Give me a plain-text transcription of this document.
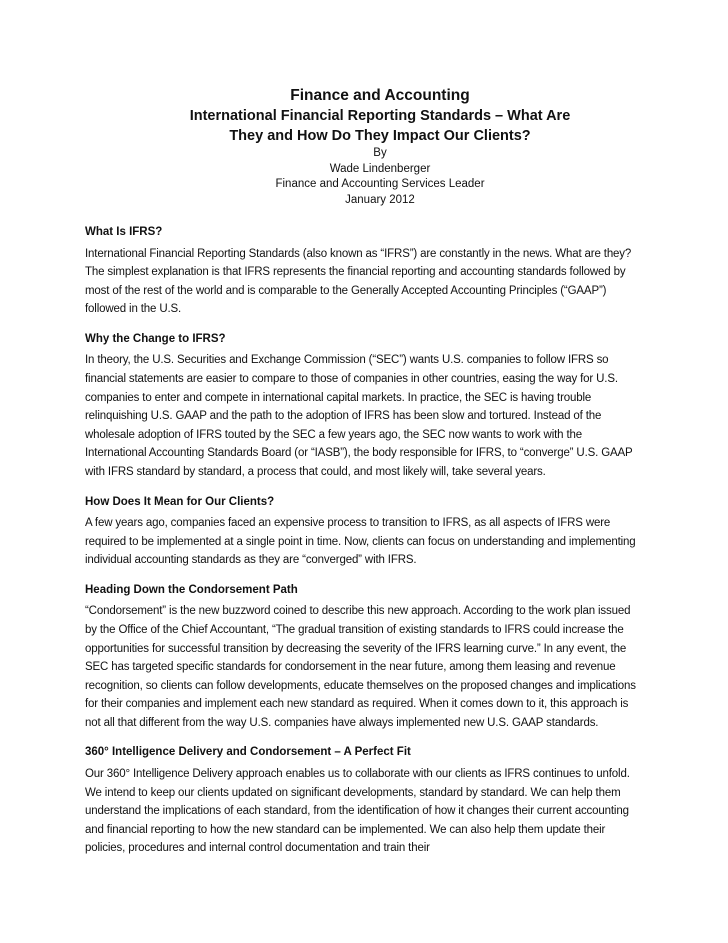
Finance and Accounting

International Financial Reporting Standards – What Are

They and How Do They Impact Our Clients?

By

Wade Lindenberger

Finance and Accounting Services Leader

January 2012

What Is IFRS?

International Financial Reporting Standards (also known as “IFRS”) are constantly in the news. What are they? The simplest explanation is that IFRS represents the financial reporting and accounting standards followed by most of the rest of the world and is comparable to the Generally Accepted Accounting Principles (“GAAP”) followed in the U.S.

Why the Change to IFRS?

In theory, the U.S. Securities and Exchange Commission (“SEC”) wants U.S. companies to follow IFRS so financial statements are easier to compare to those of companies in other countries, easing the way for U.S. companies to enter and compete in international capital markets. In practice, the SEC is having trouble relinquishing U.S. GAAP and the path to the adoption of IFRS has been slow and tortured. Instead of the wholesale adoption of IFRS touted by the SEC a few years ago, the SEC now wants to work with the International Accounting Standards Board (or “IASB”), the body responsible for IFRS, to “converge” U.S. GAAP with IFRS standard by standard, a process that could, and most likely will, take several years.

How Does It Mean for Our Clients?

A few years ago, companies faced an expensive process to transition to IFRS, as all aspects of IFRS were required to be implemented at a single point in time. Now, clients can focus on understanding and implementing individual accounting standards as they are “converged” with IFRS.

Heading Down the Condorsement Path

“Condorsement” is the new buzzword coined to describe this new approach. According to the work plan issued by the Office of the Chief Accountant, “The gradual transition of existing standards to IFRS could increase the opportunities for successful transition by decreasing the severity of the IFRS learning curve.” In any event, the SEC has targeted specific standards for condorsement in the near future, among them leasing and revenue recognition, so clients can follow developments, educate themselves on the proposed changes and implications for their companies and implement each new standard as required. When it comes down to it, this approach is not all that different from the way U.S. companies have always implemented new U.S. GAAP standards.

360° Intelligence Delivery and Condorsement – A Perfect Fit

Our 360° Intelligence Delivery approach enables us to collaborate with our clients as IFRS continues to unfold. We intend to keep our clients updated on significant developments, standard by standard. We can help them understand the implications of each standard, from the identification of how it changes their current accounting and financial reporting to how the new standard can be implemented. We can also help them update their policies, procedures and internal control documentation and train their
